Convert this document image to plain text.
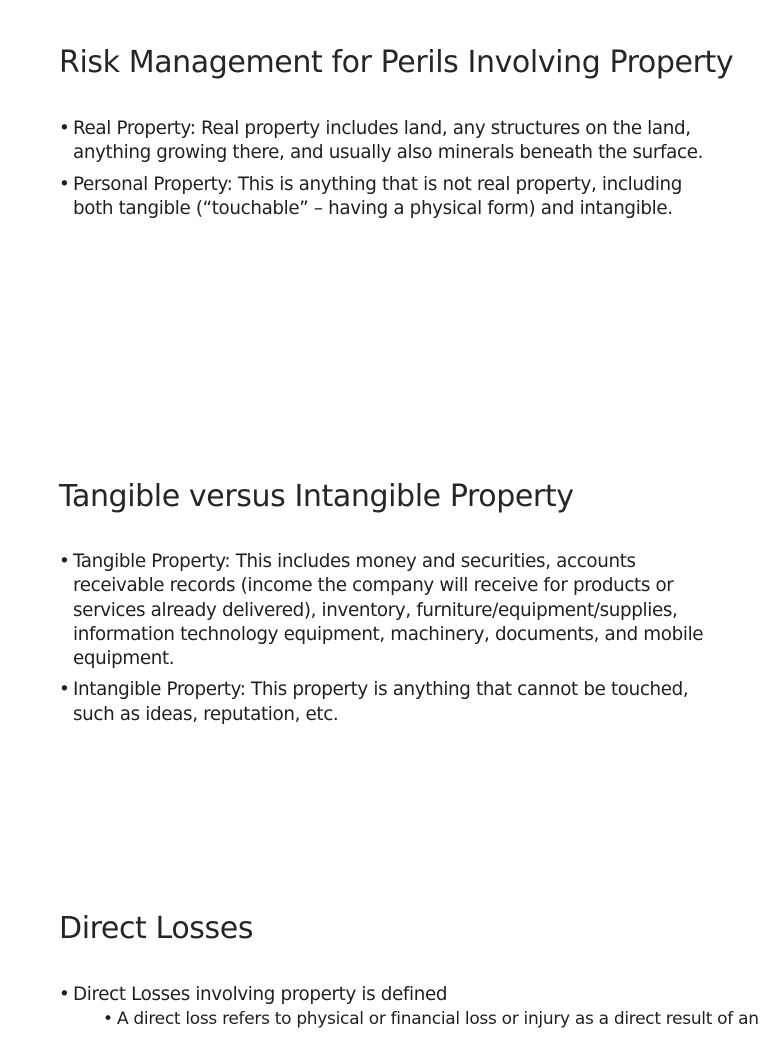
Risk Management for Perils Involving Property
• Real Property: Real property includes land, any structures on the land, anything growing there, and usually also minerals beneath the surface.
• Personal Property: This is anything that is not real property, including both tangible (“touchable” – having a physical form) and intangible.
Tangible versus Intangible Property
• Tangible Property: This includes money and securities, accounts receivable records (income the company will receive for products or services already delivered), inventory, furniture/equipment/supplies, information technology equipment, machinery, documents, and mobile equipment.
• Intangible Property: This property is anything that cannot be touched, such as ideas, reputation, etc.
Direct Losses
• Direct Losses involving property is defined
• A direct loss refers to physical or financial loss or injury as a direct result of an
